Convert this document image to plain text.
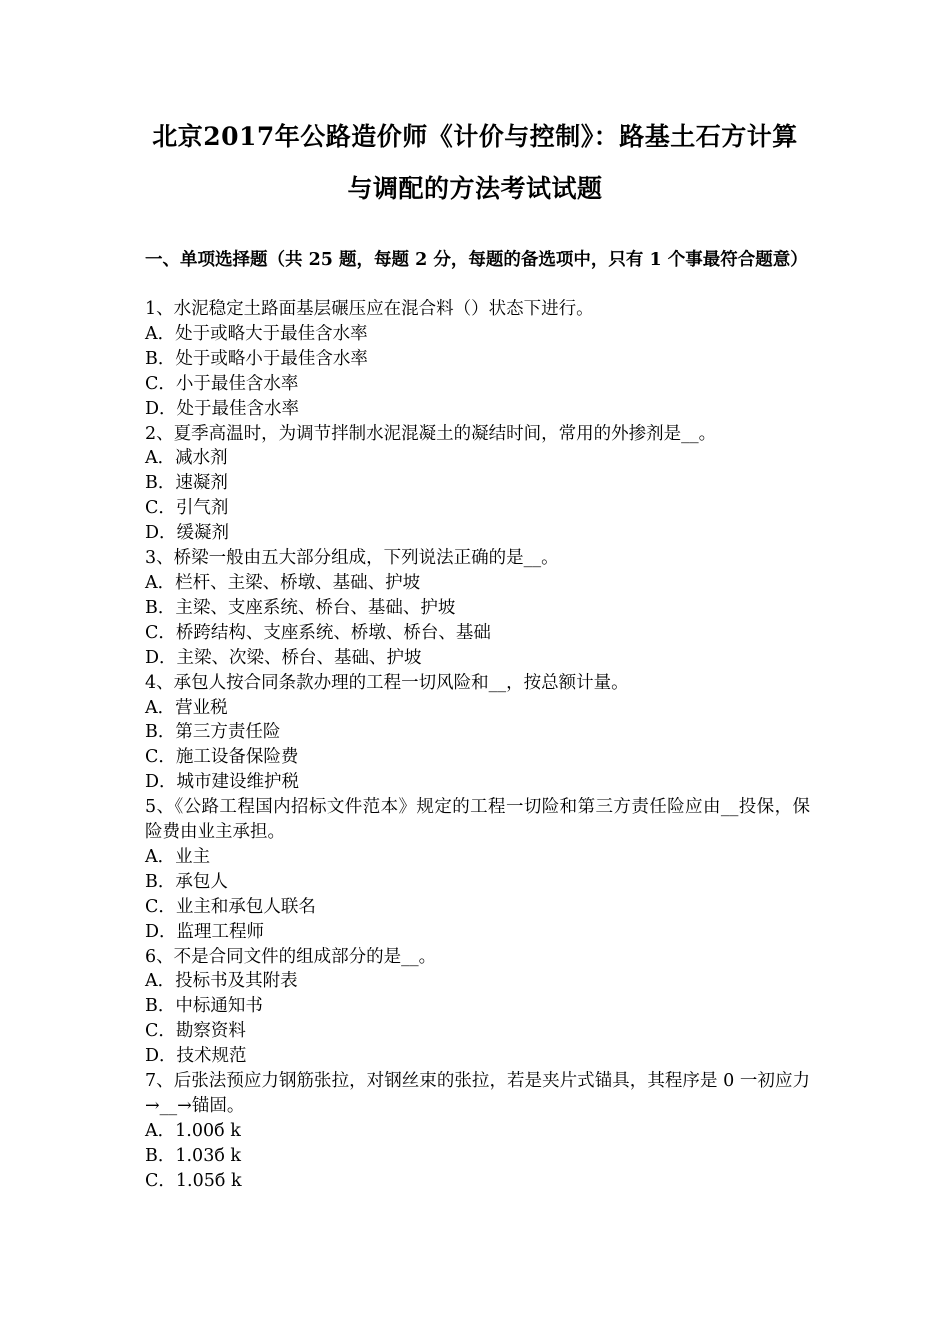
北京2017年公路造价师《计价与控制》：路基土石方计算
与调配的方法考试试题
一、单项选择题（共 25 题，每题 2 分，每题的备选项中，只有 1 个事最符合题意）
1、水泥稳定土路面基层碾压应在混合料（）状态下进行。
A．处于或略大于最佳含水率
B．处于或略小于最佳含水率
C．小于最佳含水率
D．处于最佳含水率
2、夏季高温时，为调节拌制水泥混凝土的凝结时间，常用的外掺剂是__。
A．减水剂
B．速凝剂
C．引气剂
D．缓凝剂
3、桥梁一般由五大部分组成，下列说法正确的是__。
A．栏杆、主梁、桥墩、基础、护坡
B．主梁、支座系统、桥台、基础、护坡
C．桥跨结构、支座系统、桥墩、桥台、基础
D．主梁、次梁、桥台、基础、护坡
4、承包人按合同条款办理的工程一切风险和__，按总额计量。
A．营业税
B．第三方责任险
C．施工设备保险费
D．城市建设维护税
5、《公路工程国内招标文件范本》规定的工程一切险和第三方责任险应由__投保，保险费由业主承担。
A．业主
B．承包人
C．业主和承包人联名
D．监理工程师
6、不是合同文件的组成部分的是__。
A．投标书及其附表
B．中标通知书
C．勘察资料
D．技术规范
7、后张法预应力钢筋张拉，对钢丝束的张拉，若是夹片式锚具，其程序是 0 一初应力→__→锚固。
A．1.00б k
B．1.03б k
C．1.05б k
